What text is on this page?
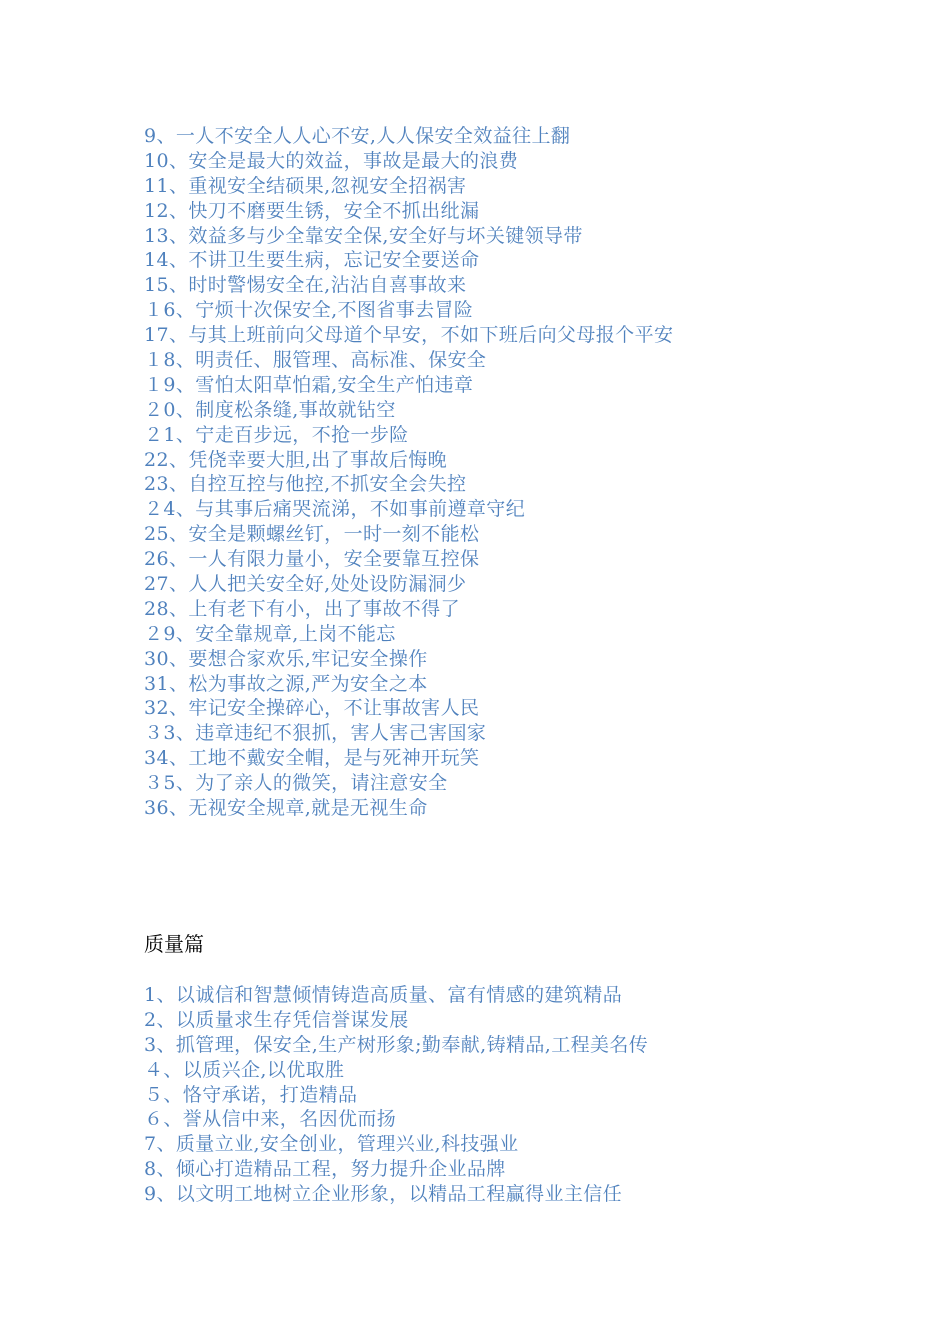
9、一人不安全人人心不安,人人保安全效益往上翻
10、安全是最大的效益，事故是最大的浪费
11、重视安全结硕果,忽视安全招祸害
12、快刀不磨要生锈，安全不抓出纰漏
13、效益多与少全靠安全保,安全好与坏关键领导带
14、不讲卫生要生病，忘记安全要送命
15、时时警惕安全在,沾沾自喜事故来
１6、宁烦十次保安全,不图省事去冒险
17、与其上班前向父母道个早安，不如下班后向父母报个平安
１8、明责任、服管理、高标准、保安全
１9、雪怕太阳草怕霜,安全生产怕违章
２0、制度松条缝,事故就钻空
２1、宁走百步远，不抢一步险
22、凭侥幸要大胆,出了事故后悔晚
23、自控互控与他控,不抓安全会失控
２4、与其事后痛哭流涕，不如事前遵章守纪
25、安全是颗螺丝钉，一时一刻不能松
26、一人有限力量小，安全要靠互控保
27、人人把关安全好,处处设防漏洞少
28、上有老下有小，出了事故不得了
２9、安全靠规章,上岗不能忘
30、要想合家欢乐,牢记安全操作
31、松为事故之源,严为安全之本
32、牢记安全操碎心，不让事故害人民
３3、违章违纪不狠抓，害人害己害国家
34、工地不戴安全帽，是与死神开玩笑
３5、为了亲人的微笑，请注意安全
36、无视安全规章,就是无视生命
质量篇
1、以诚信和智慧倾情铸造高质量、富有情感的建筑精品
2、以质量求生存凭信誉谋发展
3、抓管理，保安全,生产树形象;勤奉献,铸精品,工程美名传
４、以质兴企,以优取胜
５、恪守承诺，打造精品
６、誉从信中来，名因优而扬
7、质量立业,安全创业，管理兴业,科技强业
8、倾心打造精品工程，努力提升企业品牌
9、以文明工地树立企业形象，以精品工程赢得业主信任
